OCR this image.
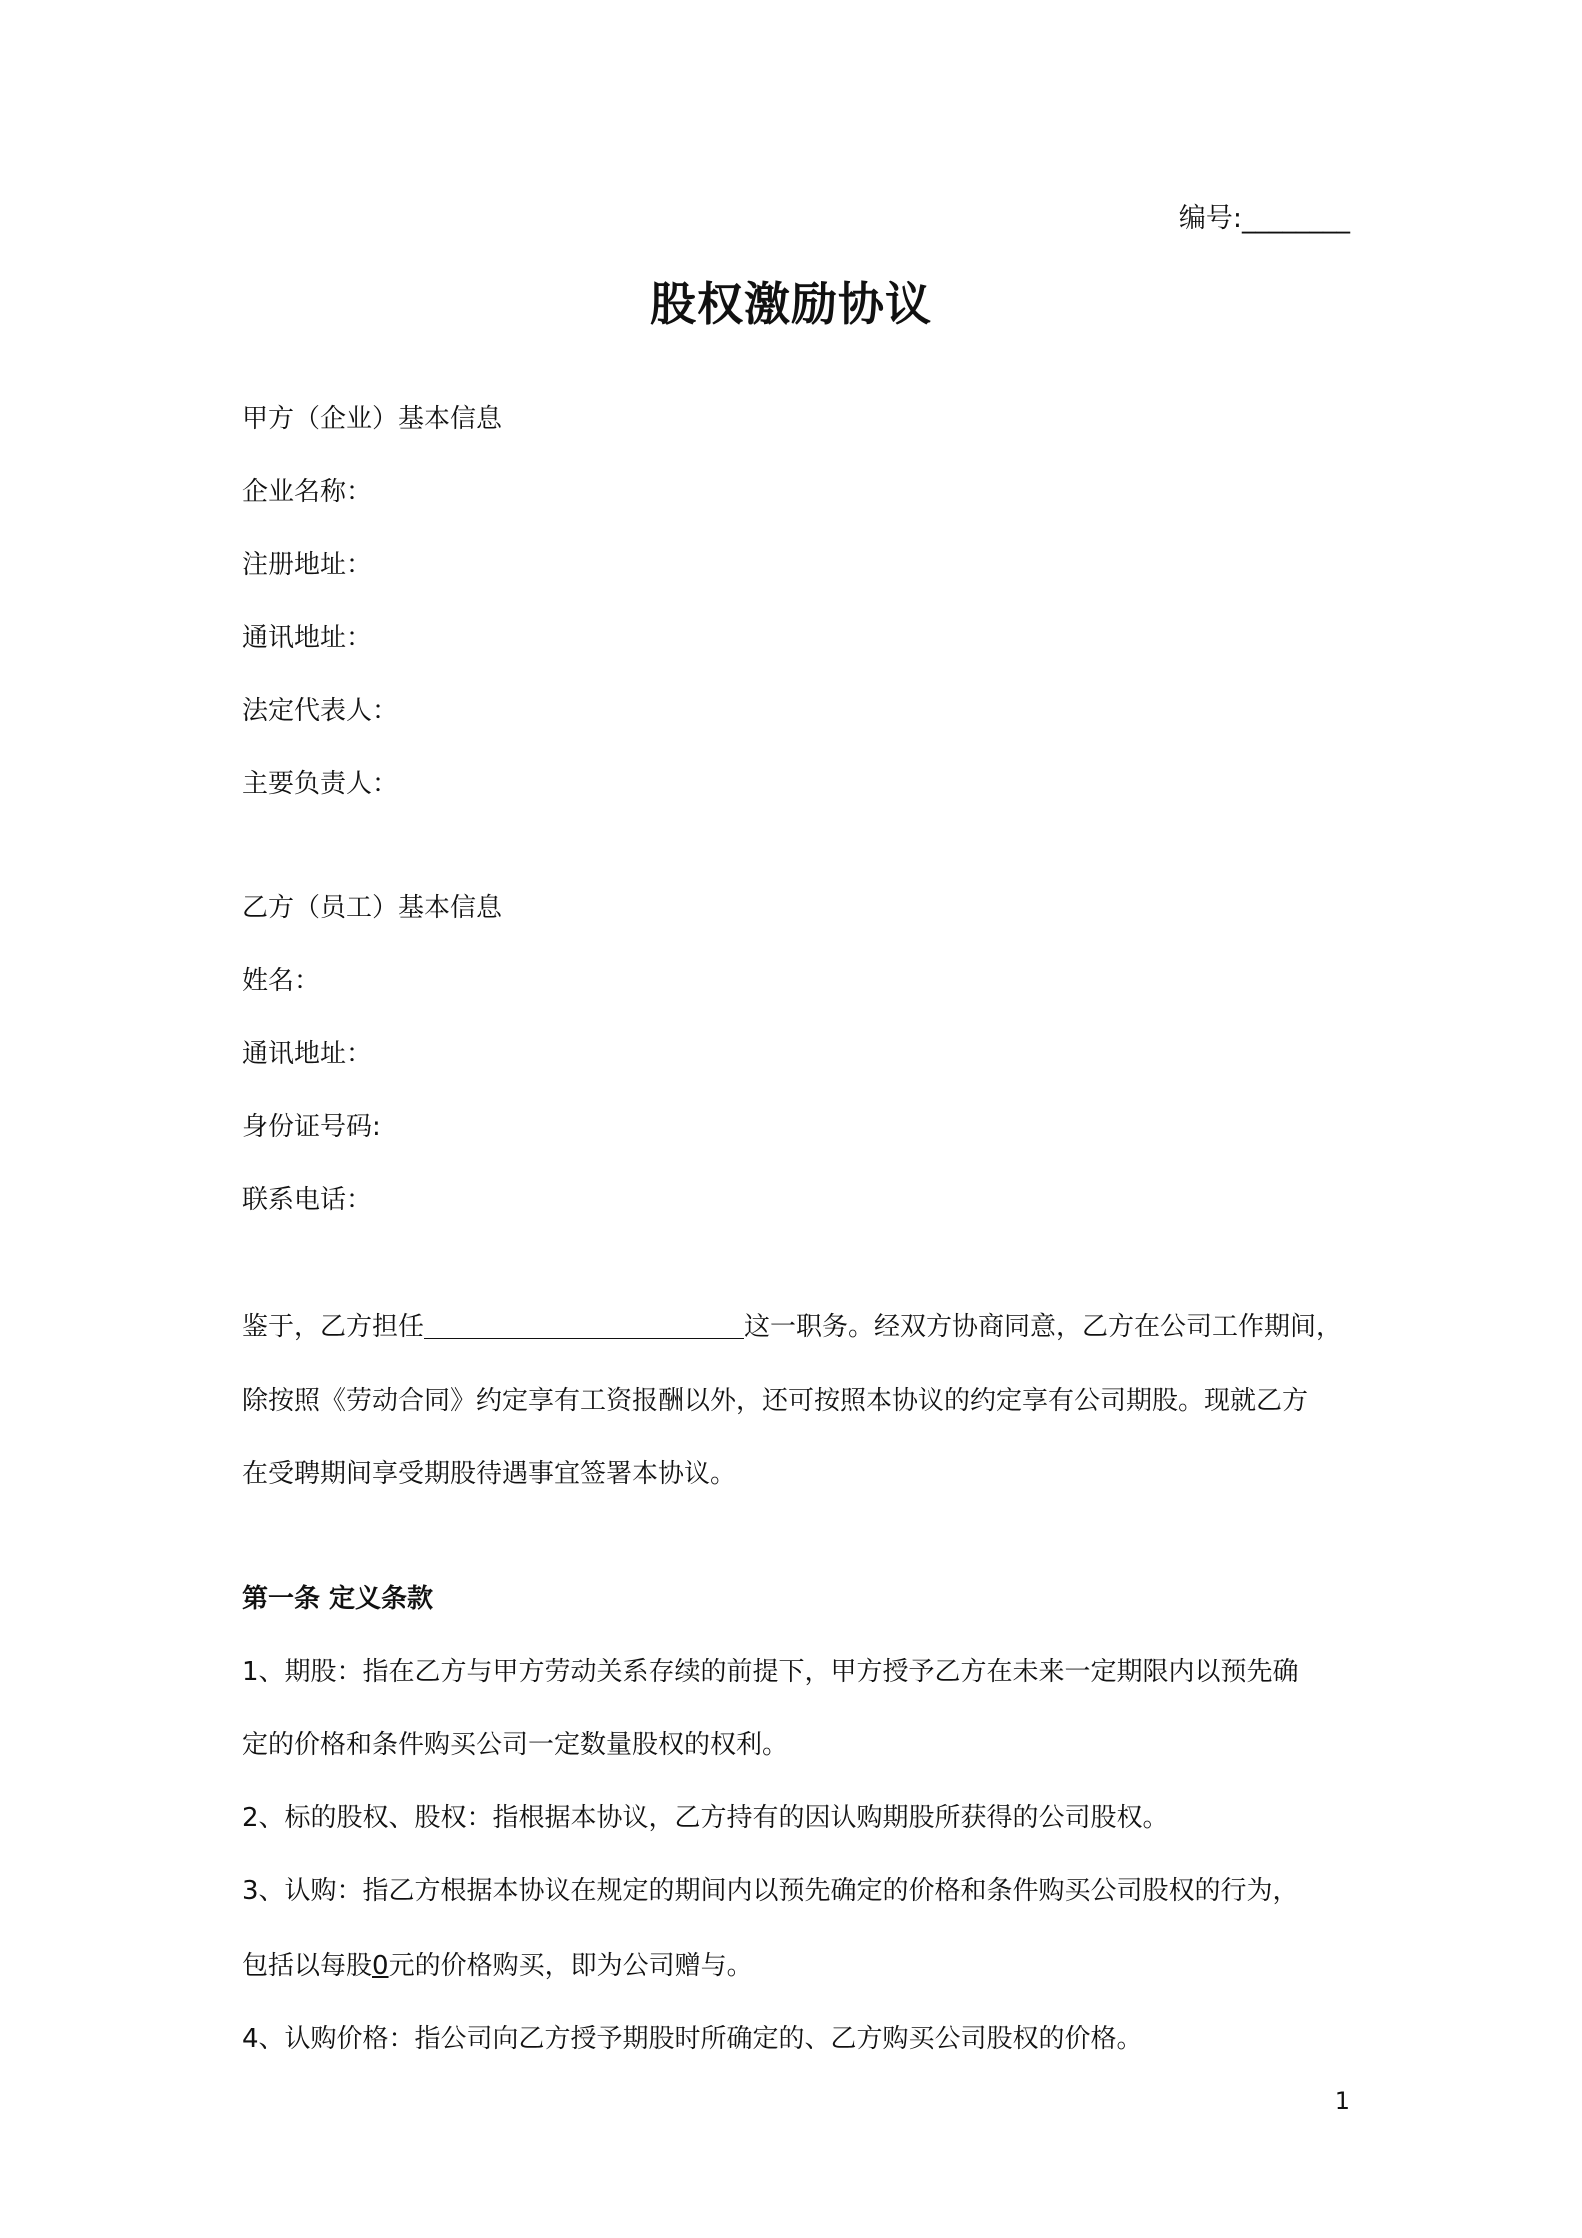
编号:________
股权激励协议
甲方（企业）基本信息
企业名称：
注册地址：
通讯地址：
法定代表人：
主要负责人：
乙方（员工）基本信息
姓名：
通讯地址：
身份证号码:
联系电话：
鉴于，乙方担任	这一职务。经双方协商同意，乙方在公司工作期间，
除按照《劳动合同》约定享有工资报酬以外，还可按照本协议的约定享有公司期股。现就乙方
在受聘期间享受期股待遇事宜签署本协议。
第一条 定义条款
1、期股：指在乙方与甲方劳动关系存续的前提下，甲方授予乙方在未来一定期限内以预先确
定的价格和条件购买公司一定数量股权的权利。
2、标的股权、股权：指根据本协议，乙方持有的因认购期股所获得的公司股权。
3、认购：指乙方根据本协议在规定的期间内以预先确定的价格和条件购买公司股权的行为，
包括以每股0元的价格购买，即为公司赠与。
4、认购价格：指公司向乙方授予期股时所确定的、乙方购买公司股权的价格。
1
